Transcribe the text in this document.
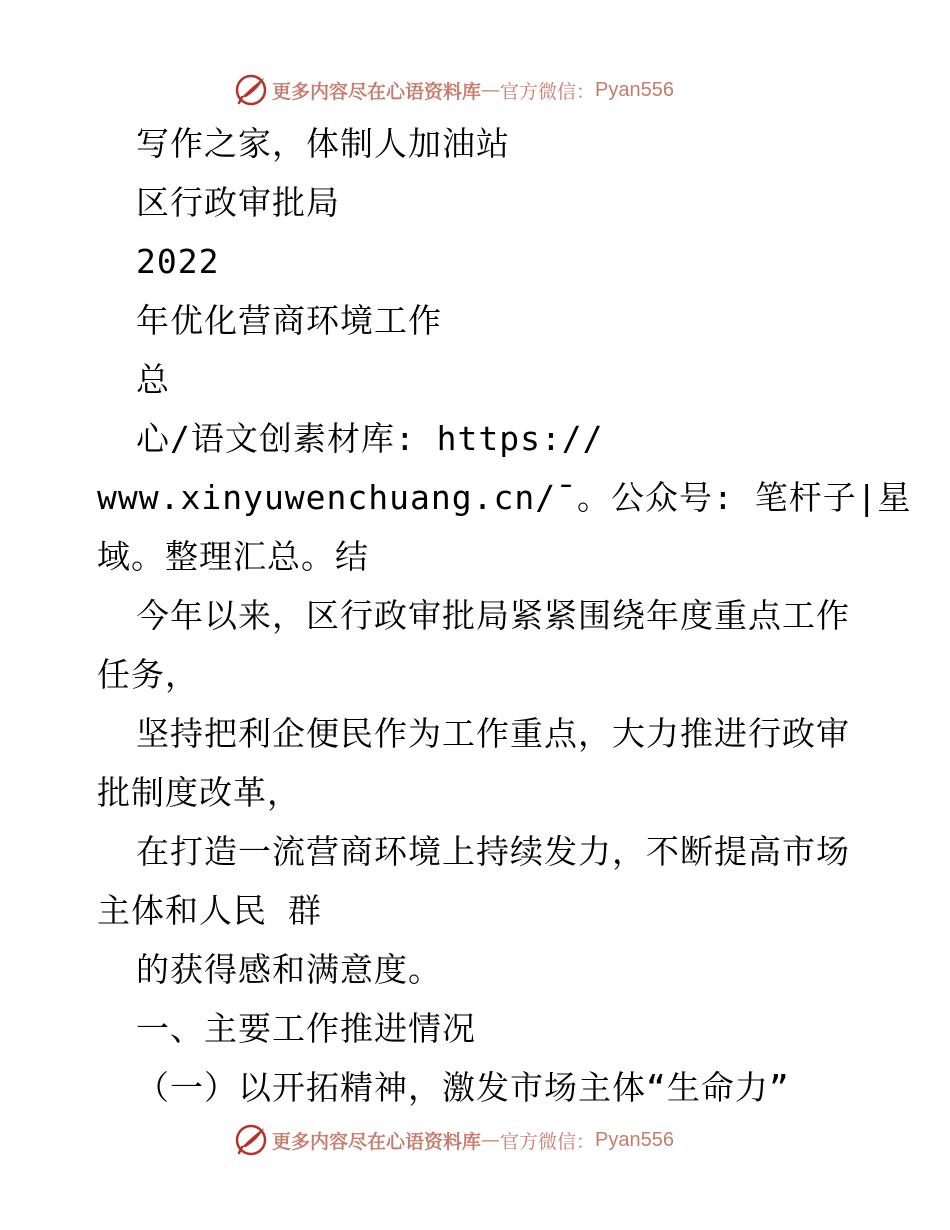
更多内容尽在心语资料库 — 官方微信： Pyan556
写作之家，体制人加油站
区行政审批局
2022
年优化营商环境工作
总
心/语文创素材库: https://
www.xinyuwenchuang.cn/¯。公众号: 笔杆子|星
域。整理汇总。结
今年以来，区行政审批局紧紧围绕年度重点工作
任务，
坚持把利企便民作为工作重点，大力推进行政审
批制度改革，
在打造一流营商环境上持续发力，不断提高市场
主体和人民 群
的获得感和满意度。
一、主要工作推进情况
（一）以开拓精神，激发市场主体“生命力”
更多内容尽在心语资料库 — 官方微信： Pyan556
